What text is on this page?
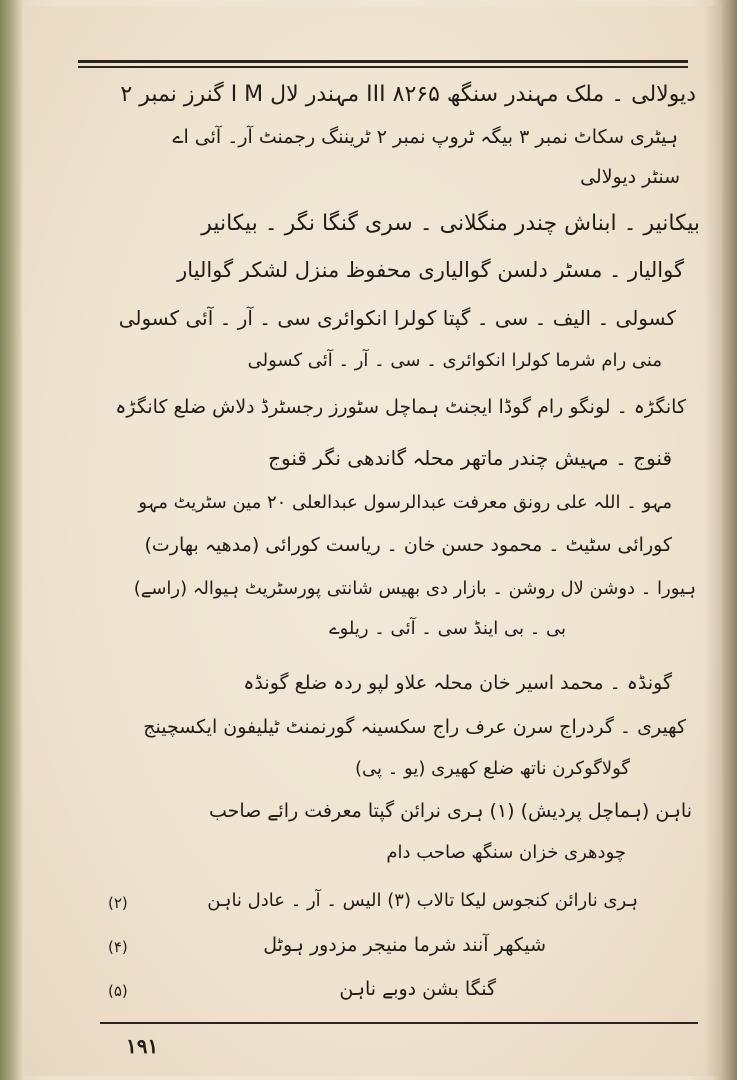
دیولالی ۔ ملک مہندر سنگھ ۸۲۶۵ III مہندر لال I M گنرز نمبر ۲
ہیٹری سکاٹ نمبر ۳ بیگہ ٹروپ نمبر ۲ ٹریننگ رجمنٹ آر۔ آئی اے
سنٹر دیولالی
بیکانیر ۔ ابناش چندر منگلانی ۔ سری گنگا نگر ۔ بیکانیر
گوالیار ۔ مسٹر دلسن گوالیاری محفوظ منزل لشکر گوالیار
کسولی ۔ الیف ۔ سی ۔ گپتا کولرا انکوائری سی ۔ آر ۔ آئی کسولی
منی رام شرما کولرا انکوائری ۔ سی ۔ آر ۔ آئی کسولی
کانگڑہ ۔ لونگو رام گوڈا ایجنٹ ہماچل سٹورز رجسٹرڈ دلاش ضلع کانگڑہ
قنوج ۔ مہیش چندر ماتھر محلہ گاندھی نگر قنوج
مہو ۔ اللہ علی رونق معرفت عبدالرسول عبدالعلی ۲۰ مین سٹریٹ مہو
کورائی سٹیٹ ۔ محمود حسن خان ۔ ریاست کورائی (مدھیہ بھارت)
ہیورا ۔ دوشن لال روشن ۔ بازار دی بھیس شانتی پورسٹریٹ ہیوالہ (راسے)
بی ۔ بی اینڈ سی ۔ آئی ۔ ریلوے
گونڈہ ۔ محمد اسیر خان محلہ علاو لپو ردہ ضلع گونڈہ
کھیری ۔ گردراج سرن عرف راج سکسینہ گورنمنٹ ٹیلیفون ایکسچینج
گولاگوکرن ناتھ ضلع کھیری (یو ۔ پی)
ناہن (ہماچل پردیش) (۱) ہری نرائن گپتا معرفت رائے صاحب
چودھری خزان سنگھ صاحب دام
(۲)	ہری نارائن کنجوس لیکا تالاب (۳) الیس ۔ آر ۔ عادل ناہن
(۴)	شیکھر آنند شرما منیجر مزدور ہوٹل
(۵)	گنگا بشن دوبے ناہن
١٩١
